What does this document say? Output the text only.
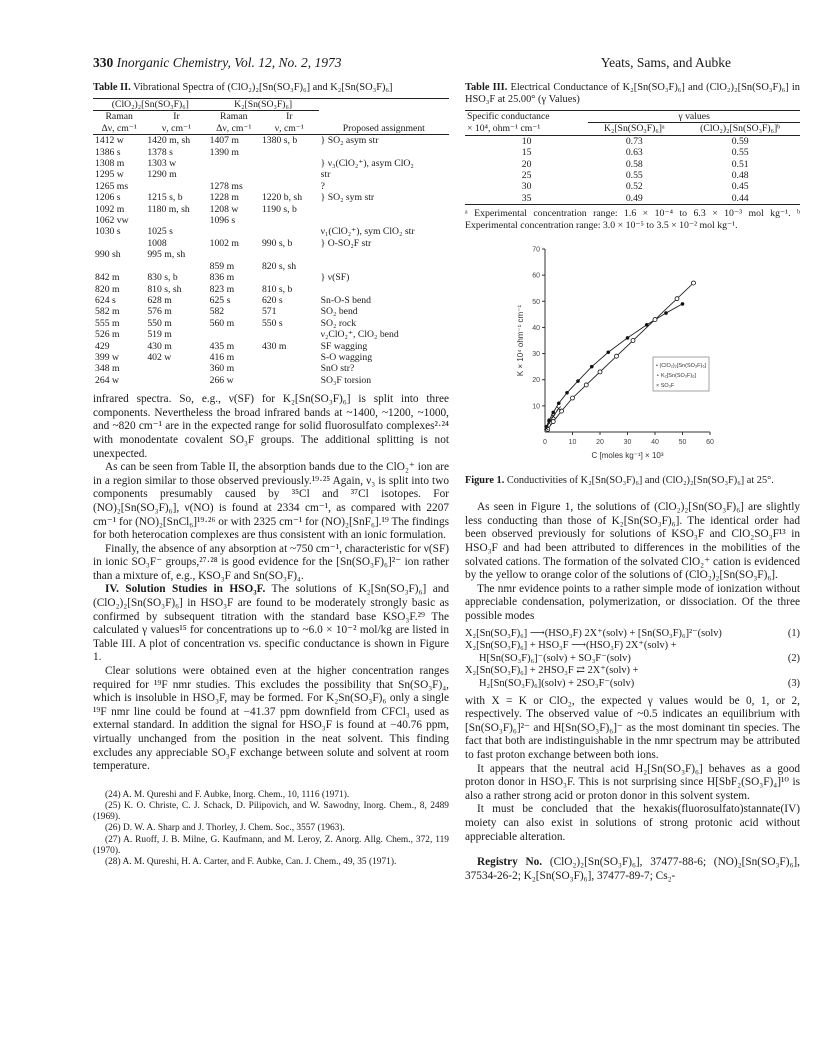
330 Inorganic Chemistry, Vol. 12, No. 2, 1973	Yeats, Sams, and Aubke
Table II. Vibrational Spectra of (ClO₂)₂[Sn(SO₃F)₆] and K₂[Sn(SO₃F)₆]
(ClO₂)₂[Sn(SO₃F)₆]		K₂[Sn(SO₃F)₆]		
Raman	Ir	Raman	Ir	
Δν, cm⁻¹	ν, cm⁻¹	Δν, cm⁻¹	ν, cm⁻¹	Proposed assignment
1412 w	1420 m, sh	1407 m	1380 s, b	} SO₂ asym str
1386 s	1378 s	1390 m		
1308 m	1303 w			} ν₃(ClO₂⁺), asym ClO₂
1295 w	1290 m			str
1265 ms		1278 ms		?
1206 s	1215 s, b	1228 m	1220 b, sh	} SO₂ sym str
1092 m	1180 m, sh	1208 w	1190 s, b	
1062 vw		1096 s		
1030 s	1025 s			ν₁(ClO₂⁺), sym ClO₂ str
	1008	1002 m	990 s, b	} O-SO₂F str
990 sh	995 m, sh			
		859 m	820 s, sh	
842 m	830 s, b	836 m		} ν(SF)
820 m	810 s, sh	823 m	810 s, b	
624 s	628 m	625 s	620 s	Sn-O-S bend
582 m	576 m	582	571	SO₂ bend
555 m	550 m	560 m	550 s	SO₂ rock
526 m	519 m			ν₂ClO₂⁺, ClO₂ bend
429	430 m	435 m	430 m	SF wagging
399 w	402 w	416 m		S-O wagging
348 m		360 m		SnO str?
264 w		266 w		SO₃F torsion

infrared spectra. So, e.g., ν(SF) for K₂[Sn(SO₃F)₆] is split into three components. Nevertheless the broad infrared bands at ~1400, ~1200, ~1000, and ~820 cm⁻¹ are in the expected range for solid fluorosulfato complexes²·²⁴ with monodentate covalent SO₃F groups. The additional splitting is not unexpected.

As can be seen from Table II, the absorption bands due to the ClO₂⁺ ion are in a region similar to those observed previously.¹⁹·²⁵ Again, ν₃ is split into two components presumably caused by ³⁵Cl and ³⁷Cl isotopes. For (NO)₂[Sn(SO₃F)₆], ν(NO) is found at 2334 cm⁻¹, as compared with 2207 cm⁻¹ for (NO)₂[SnCl₆]¹⁹·²⁶ or with 2325 cm⁻¹ for (NO)₂[SnF₆].¹⁹ The findings for both heterocation complexes are thus consistent with an ionic formulation.

Finally, the absence of any absorption at ~750 cm⁻¹, characteristic for ν(SF) in ionic SO₃F⁻ groups,²⁷·²⁸ is good evidence for the [Sn(SO₃F)₆]²⁻ ion rather than a mixture of, e.g., KSO₃F and Sn(SO₃F)₄.

IV. Solution Studies in HSO₃F. The solutions of K₂[Sn(SO₃F)₆] and (ClO₂)₂[Sn(SO₃F)₆] in HSO₃F are found to be moderately strongly basic as confirmed by subsequent titration with the standard base KSO₃F.²⁹ The calculated γ values¹⁵ for concentrations up to ~6.0 × 10⁻² mol/kg are listed in Table III. A plot of concentration vs. specific conductance is shown in Figure 1.

Clear solutions were obtained even at the higher concentration ranges required for ¹⁹F nmr studies. This excludes the possibility that Sn(SO₃F)₄, which is insoluble in HSO₃F, may be formed. For K₂Sn(SO₃F)₆ only a single ¹⁹F nmr line could be found at −41.37 ppm downfield from CFCl₃ used as external standard. In addition the signal for HSO₃F is found at −40.76 ppm, virtually unchanged from the position in the neat solvent. This finding excludes any appreciable SO₃F exchange between solute and solvent at room temperature.

(24) A. M. Qureshi and F. Aubke, Inorg. Chem., 10, 1116 (1971).

(25) K. O. Christe, C. J. Schack, D. Pilipovich, and W. Sawodny, Inorg. Chem., 8, 2489 (1969).

(26) D. W. A. Sharp and J. Thorley, J. Chem. Soc., 3557 (1963).

(27) A. Ruoff, J. B. Milne, G. Kaufmann, and M. Leroy, Z. Anorg. Allg. Chem., 372, 119 (1970).

(28) A. M. Qureshi, H. A. Carter, and F. Aubke, Can. J. Chem., 49, 35 (1971).

Table III. Electrical Conductance of K₂[Sn(SO₃F)₆] and (ClO₂)₂[Sn(SO₃F)₆] in HSO₃F at 25.00° (γ Values)
Specific conductance	γ values	
× 10⁴, ohm⁻¹ cm⁻¹	K₂[Sn(SO₃F)₆]ᵃ	(ClO₂)₂[Sn(SO₃F)₆]ᵇ
10	0.73	0.59
15	0.63	0.55
20	0.58	0.51
25	0.55	0.48
30	0.52	0.45
35	0.49	0.44
ᵃ Experimental concentration range: 1.6 × 10⁻⁴ to 6.3 × 10⁻³ mol kg⁻¹. ᵇ Experimental concentration range: 3.0 × 10⁻⁵ to 3.5 × 10⁻² mol kg⁻¹.
10	20	30	40	50	60
0
10
20
30
40
50
60
70
C [moles kg⁻¹] × 10³
K × 10⁴ ohm⁻¹ cm⁻¹	• (ClO₂)₂[Sn(SO₃F)₆]
∘ K₂[Sn(SO₃F)₆]
× SO₃F
Figure 1. Conductivities of K₂[Sn(SO₃F)₆] and (ClO₂)₂[Sn(SO₃F)₆] at 25°.

As seen in Figure 1, the solutions of (ClO₂)₂[Sn(SO₃F)₆] are slightly less conducting than those of K₂[Sn(SO₃F)₆]. The identical order had been observed previously for solutions of KSO₃F and ClO₂SO₃F¹³ in HSO₃F and had been attributed to differences in the mobilities of the solvated cations. The formation of the solvated ClO₂⁺ cation is evidenced by the yellow to orange color of the solutions of (ClO₂)₂[Sn(SO₃F)₆].

The nmr evidence points to a rather simple mode of ionization without appreciable condensation, polymerization, or dissociation. Of the three possible modes

X₂[Sn(SO₃F)₆] ⟶(HSO₃F) 2X⁺(solv) + [Sn(SO₃F)₆]²⁻(solv)	(1)
X₂[Sn(SO₃F)₆] + HSO₃F ⟶(HSO₃F) 2X⁺(solv) +
H[Sn(SO₃F)₆]⁻(solv) + SO₃F⁻(solv)	(2)
X₂[Sn(SO₃F)₆] + 2HSO₃F ⇄ 2X⁺(solv) +
H₂[Sn(SO₃F)₆](solv) + 2SO₃F⁻(solv)	(3)

with X = K or ClO₂, the expected γ values would be 0, 1, or 2, respectively. The observed value of ~0.5 indicates an equilibrium with [Sn(SO₃F)₆]²⁻ and H[Sn(SO₃F)₆]⁻ as the most dominant tin species. The fact that both are indistinguishable in the nmr spectrum may be attributed to fast proton exchange between both ions.

It appears that the neutral acid H₂[Sn(SO₃F)₆] behaves as a good proton donor in HSO₃F. This is not surprising since H[SbF₂(SO₃F)₄]¹⁰ is also a rather strong acid or proton donor in this solvent system.

It must be concluded that the hexakis(fluorosulfato)stannate(IV) moiety can also exist in solutions of strong protonic acid without appreciable alteration.

Registry No. (ClO₂)₂[Sn(SO₃F)₆], 37477-88-6; (NO)₂[Sn(SO₃F)₆], 37534-26-2; K₂[Sn(SO₃F)₆], 37477-89-7; Cs₂-
